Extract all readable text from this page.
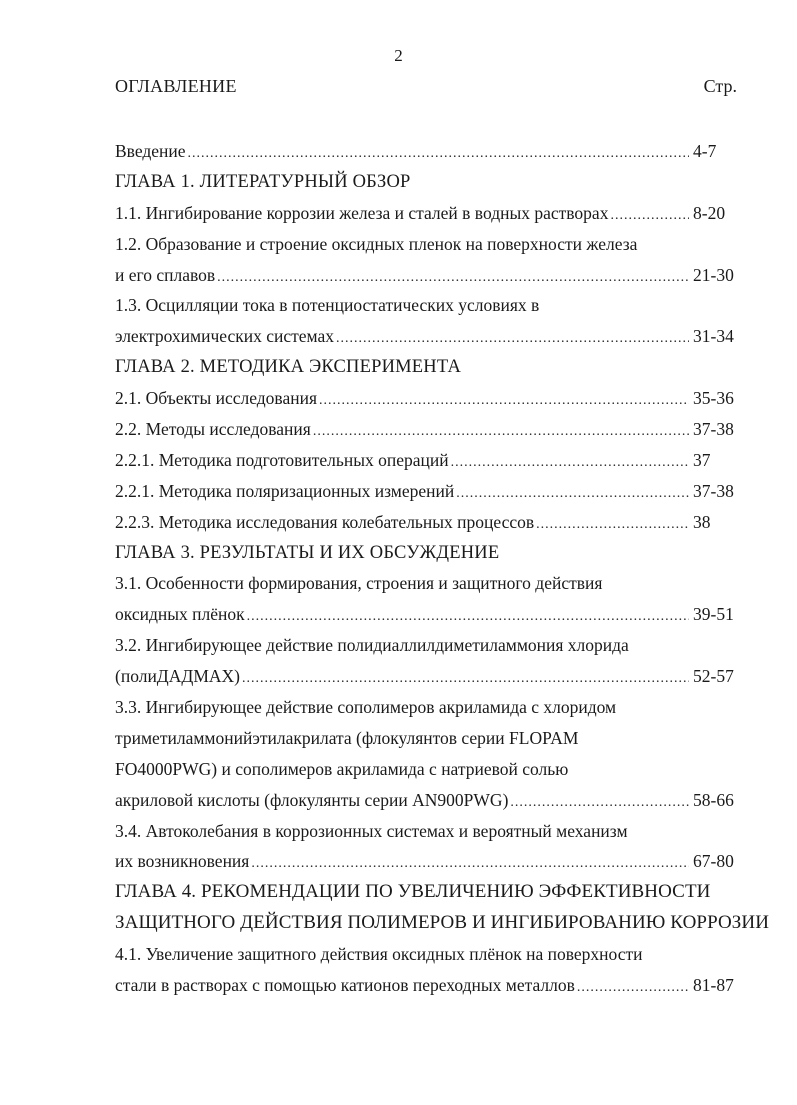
2
ОГЛАВЛЕНИЕ	Стр.
Введение .....	4-7
ГЛАВА 1. ЛИТЕРАТУРНЫЙ ОБЗОР
1.1. Ингибирование коррозии железа и сталей в водных растворах .....	8-20
1.2. Образование и строение оксидных пленок на поверхности железа
и его сплавов .....	21-30
1.3. Осцилляции тока в потенциостатических условиях в
электрохимических системах .....	31-34
ГЛАВА 2. МЕТОДИКА ЭКСПЕРИМЕНТА
2.1. Объекты исследования .....	35-36
2.2. Методы исследования .....	37-38
2.2.1. Методика подготовительных операций .....	37
2.2.1. Методика поляризационных измерений .....	37-38
2.2.3. Методика исследования колебательных процессов .....	38
ГЛАВА 3. РЕЗУЛЬТАТЫ И ИХ ОБСУЖДЕНИЕ
3.1. Особенности формирования, строения и защитного действия
оксидных плёнок .....	39-51
3.2. Ингибирующее действие полидиаллилдиметиламмония хлорида
(полиДАДМАХ) .....	52-57
3.3. Ингибирующее действие сополимеров акриламида с хлоридом
триметиламмонийэтилакрилата (флокулянтов серии FLOPAM
FO4000PWG) и сополимеров акриламида с натриевой солью
акриловой кислоты (флокулянты серии AN900PWG) .....	58-66
3.4. Автоколебания в коррозионных системах и вероятный механизм
их возникновения .....	67-80
ГЛАВА 4. РЕКОМЕНДАЦИИ ПО УВЕЛИЧЕНИЮ ЭФФЕКТИВНОСТИ
ЗАЩИТНОГО ДЕЙСТВИЯ ПОЛИМЕРОВ И ИНГИБИРОВАНИЮ КОРРОЗИИ
4.1. Увеличение защитного действия оксидных плёнок на поверхности
стали в растворах с помощью катионов переходных металлов .....	81-87
